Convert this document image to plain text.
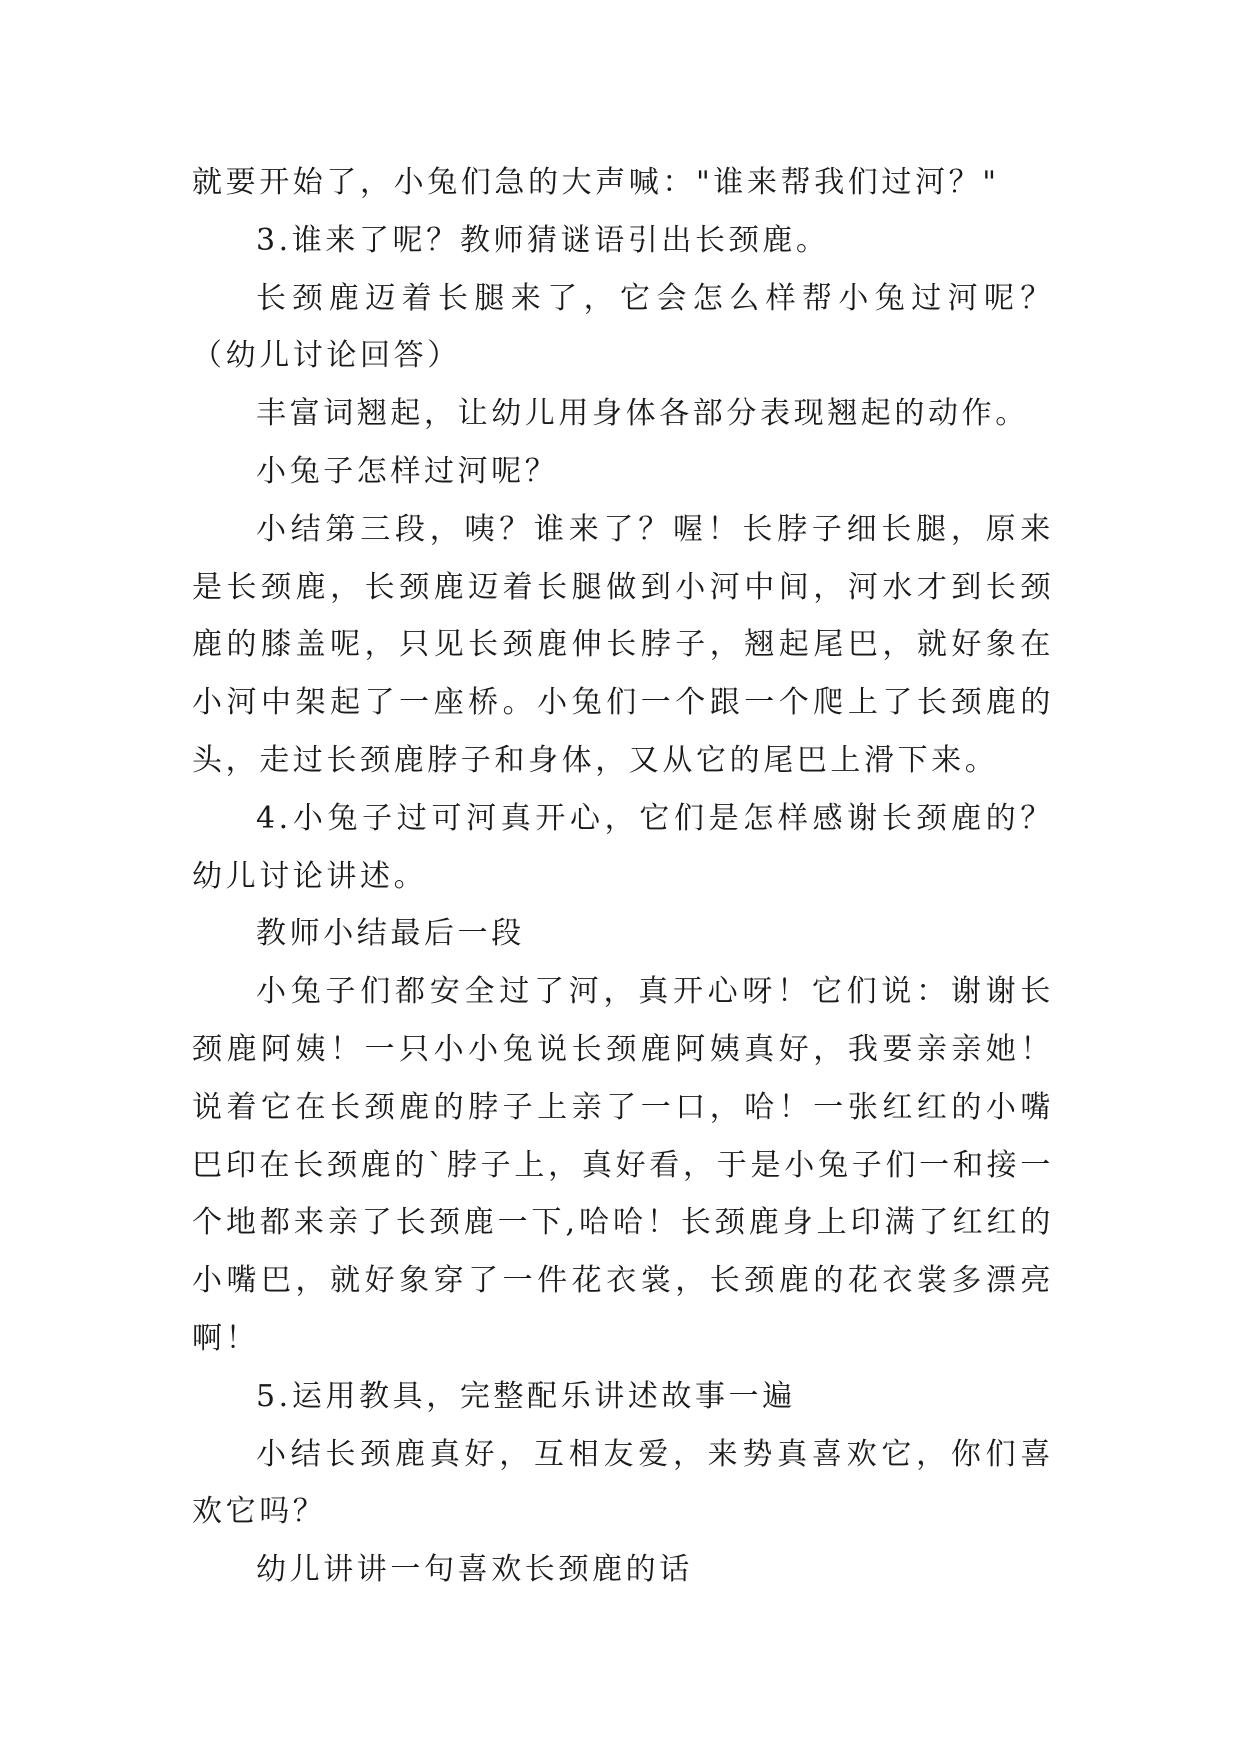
就要开始了，小兔们急的大声喊："谁来帮我们过河？"

3.谁来了呢？教师猜谜语引出长颈鹿。

长颈鹿迈着长腿来了，它会怎么样帮小兔过河呢？（幼儿讨论回答）

丰富词翘起，让幼儿用身体各部分表现翘起的动作。

小兔子怎样过河呢？

小结第三段，咦？谁来了？喔！长脖子细长腿，原来是长颈鹿，长颈鹿迈着长腿做到小河中间，河水才到长颈鹿的膝盖呢，只见长颈鹿伸长脖子，翘起尾巴，就好象在小河中架起了一座桥。小兔们一个跟一个爬上了长颈鹿的头，走过长颈鹿脖子和身体，又从它的尾巴上滑下来。

4.小兔子过可河真开心，它们是怎样感谢长颈鹿的？幼儿讨论讲述。

教师小结最后一段

小兔子们都安全过了河，真开心呀！它们说：谢谢长颈鹿阿姨！一只小小兔说长颈鹿阿姨真好，我要亲亲她！说着它在长颈鹿的脖子上亲了一口，哈！一张红红的小嘴巴印在长颈鹿的`脖子上，真好看，于是小兔子们一和接一个地都来亲了长颈鹿一下,哈哈！长颈鹿身上印满了红红的小嘴巴，就好象穿了一件花衣裳，长颈鹿的花衣裳多漂亮啊！

5.运用教具，完整配乐讲述故事一遍

小结长颈鹿真好，互相友爱，来势真喜欢它，你们喜欢它吗？

幼儿讲讲一句喜欢长颈鹿的话
